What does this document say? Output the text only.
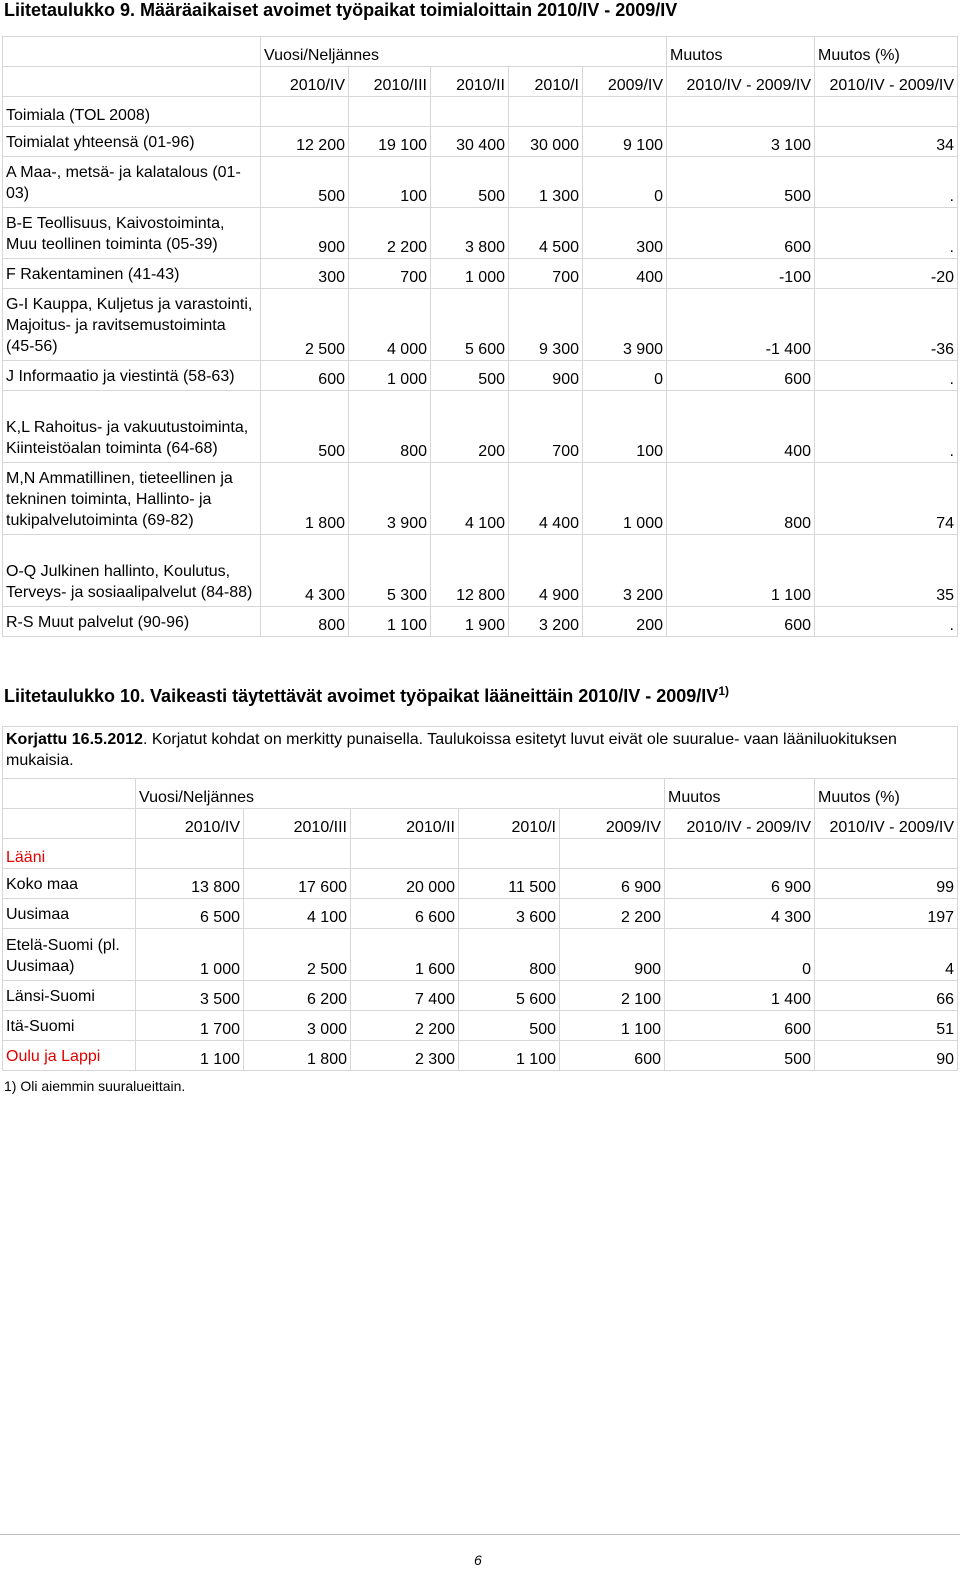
Liitetaulukko 9. Määräaikaiset avoimet työpaikat toimialoittain 2010/IV - 2009/IV
	Vuosi/Neljännes					Muutos	Muutos (%)
	2010/IV	2010/III	2010/II	2010/I	2009/IV	2010/IV - 2009/IV	2010/IV - 2009/IV
Toimiala (TOL 2008)							
Toimialat yhteensä (01-96)	12 200	19 100	30 400	30 000	9 100	3 100	34
A Maa-, metsä- ja kalatalous (01-03)	500	100	500	1 300	0	500	.
B-E Teollisuus, Kaivostoiminta, Muu teollinen toiminta (05-39)	900	2 200	3 800	4 500	300	600	.
F Rakentaminen (41-43)	300	700	1 000	700	400	-100	-20
G-I Kauppa, Kuljetus ja varastointi, Majoitus- ja ravitsemustoiminta (45-56)	2 500	4 000	5 600	9 300	3 900	-1 400	-36
J Informaatio ja viestintä (58-63)	600	1 000	500	900	0	600	.
K,L Rahoitus- ja vakuutustoiminta, Kiinteistöalan toiminta (64-68)	500	800	200	700	100	400	.
M,N Ammatillinen, tieteellinen ja tekninen toiminta, Hallinto- ja tukipalvelutoiminta (69-82)	1 800	3 900	4 100	4 400	1 000	800	74
O-Q Julkinen hallinto, Koulutus, Terveys- ja sosiaalipalvelut (84-88)	4 300	5 300	12 800	4 900	3 200	1 100	35
R-S Muut palvelut (90-96)	800	1 100	1 900	3 200	200	600	.
Liitetaulukko 10. Vaikeasti täytettävät avoimet työpaikat lääneittäin 2010/IV - 2009/IV$^{1)}$
Korjattu 16.5.2012. Korjatut kohdat on merkitty punaisella. Taulukoissa esitetyt luvut eivät ole suuralue- vaan lääniluokituksen mukaisia.							
	Vuosi/Neljännes					Muutos	Muutos (%)
	2010/IV	2010/III	2010/II	2010/I	2009/IV	2010/IV - 2009/IV	2010/IV - 2009/IV
Lääni							
Koko maa	13 800	17 600	20 000	11 500	6 900	6 900	99
Uusimaa	6 500	4 100	6 600	3 600	2 200	4 300	197
Etelä-Suomi (pl. Uusimaa)	1 000	2 500	1 600	800	900	0	4
Länsi-Suomi	3 500	6 200	7 400	5 600	2 100	1 400	66
Itä-Suomi	1 700	3 000	2 200	500	1 100	600	51
Oulu ja Lappi	1 100	1 800	2 300	1 100	600	500	90
1) Oli aiemmin suuralueittain.
6
